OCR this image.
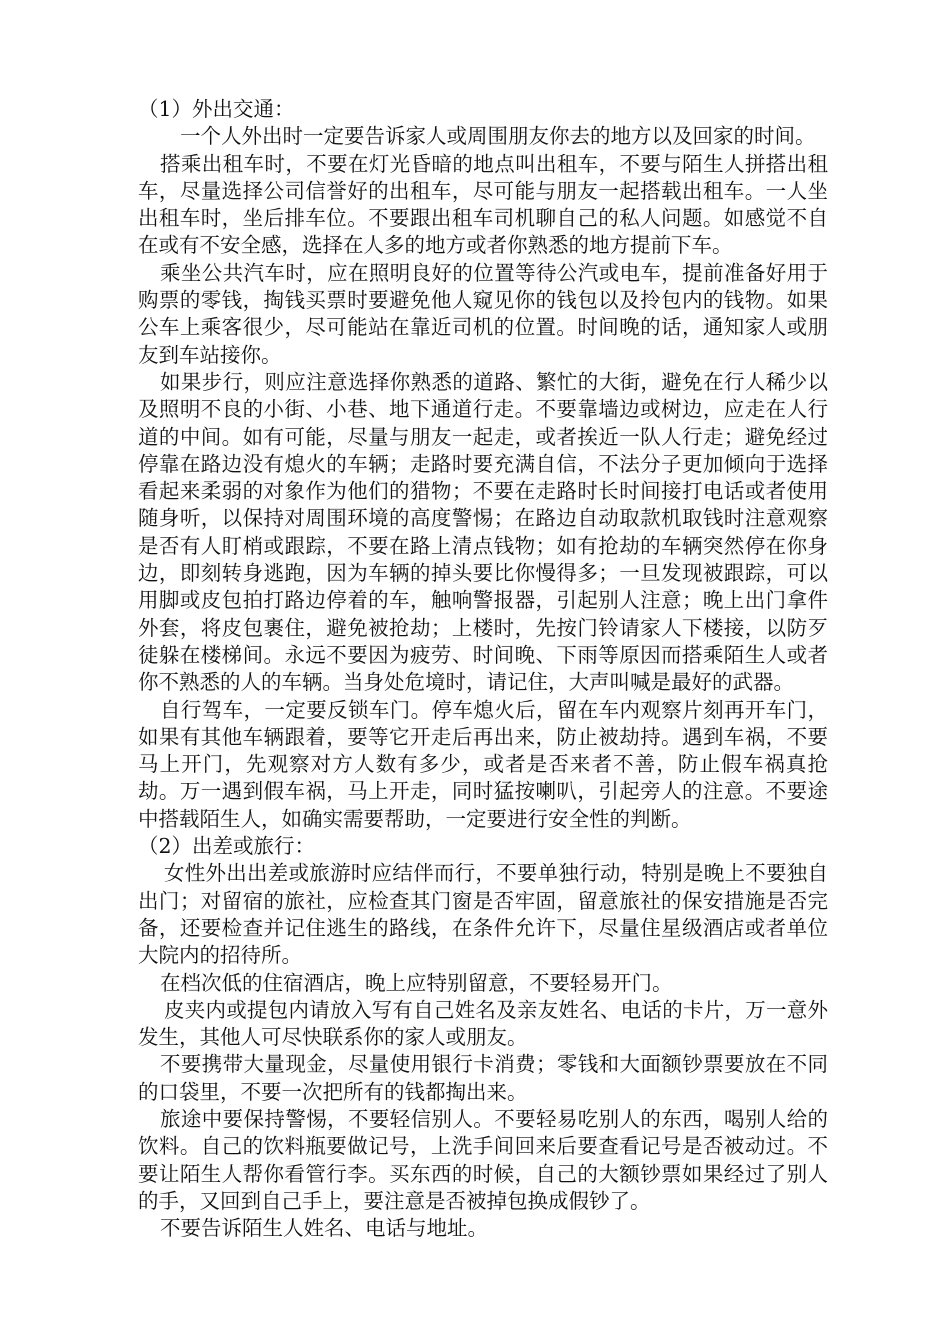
（1）外出交通：

一个人外出时一定要告诉家人或周围朋友你去的地方以及回家的时间。

搭乘出租车时，不要在灯光昏暗的地点叫出租车，不要与陌生人拼搭出租车，尽量选择公司信誉好的出租车，尽可能与朋友一起搭载出租车。一人坐出租车时，坐后排车位。不要跟出租车司机聊自己的私人问题。如感觉不自在或有不安全感，选择在人多的地方或者你熟悉的地方提前下车。

乘坐公共汽车时，应在照明良好的位置等待公汽或电车，提前准备好用于购票的零钱，掏钱买票时要避免他人窥见你的钱包以及拎包内的钱物。如果公车上乘客很少，尽可能站在靠近司机的位置。时间晚的话，通知家人或朋友到车站接你。

如果步行，则应注意选择你熟悉的道路、繁忙的大街，避免在行人稀少以及照明不良的小街、小巷、地下通道行走。不要靠墙边或树边，应走在人行道的中间。如有可能，尽量与朋友一起走，或者挨近一队人行走；避免经过停靠在路边没有熄火的车辆；走路时要充满自信，不法分子更加倾向于选择看起来柔弱的对象作为他们的猎物；不要在走路时长时间接打电话或者使用随身听，以保持对周围环境的高度警惕；在路边自动取款机取钱时注意观察是否有人盯梢或跟踪，不要在路上清点钱物；如有抢劫的车辆突然停在你身边，即刻转身逃跑，因为车辆的掉头要比你慢得多；一旦发现被跟踪，可以用脚或皮包拍打路边停着的车，触响警报器，引起别人注意；晚上出门拿件外套，将皮包裹住，避免被抢劫；上楼时，先按门铃请家人下楼接，以防歹徒躲在楼梯间。永远不要因为疲劳、时间晚、下雨等原因而搭乘陌生人或者你不熟悉的人的车辆。当身处危境时，请记住，大声叫喊是最好的武器。

自行驾车，一定要反锁车门。停车熄火后，留在车内观察片刻再开车门，如果有其他车辆跟着，要等它开走后再出来，防止被劫持。遇到车祸，不要马上开门，先观察对方人数有多少，或者是否来者不善，防止假车祸真抢劫。万一遇到假车祸，马上开走，同时猛按喇叭，引起旁人的注意。不要途中搭载陌生人，如确实需要帮助，一定要进行安全性的判断。

（2）出差或旅行：

女性外出出差或旅游时应结伴而行，不要单独行动，特别是晚上不要独自出门；对留宿的旅社，应检查其门窗是否牢固，留意旅社的保安措施是否完备，还要检查并记住逃生的路线，在条件允许下，尽量住星级酒店或者单位大院内的招待所。

在档次低的住宿酒店，晚上应特别留意，不要轻易开门。

皮夹内或提包内请放入写有自己姓名及亲友姓名、电话的卡片，万一意外发生，其他人可尽快联系你的家人或朋友。

不要携带大量现金，尽量使用银行卡消费；零钱和大面额钞票要放在不同的口袋里，不要一次把所有的钱都掏出来。

旅途中要保持警惕，不要轻信别人。不要轻易吃别人的东西，喝别人给的饮料。自己的饮料瓶要做记号，上洗手间回来后要查看记号是否被动过。不要让陌生人帮你看管行李。买东西的时候，自己的大额钞票如果经过了别人的手，又回到自己手上，要注意是否被掉包换成假钞了。

不要告诉陌生人姓名、电话与地址。
